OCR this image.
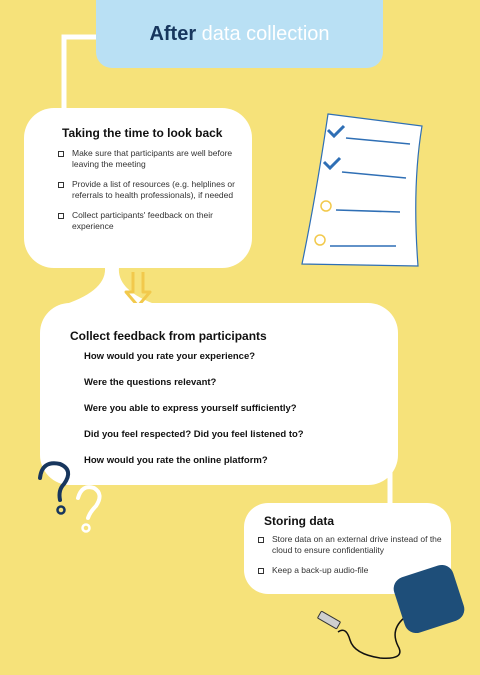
After data collection
Taking the time to look back
Make sure that participants are well before leaving the meeting
Provide a list of resources (e.g. helplines or referrals to health professionals), if needed
Collect participants' feedback on their experience
Collect feedback from participants
How would you rate your experience?
Were the questions relevant?
Were you able to express yourself sufficiently?
Did you feel respected? Did you feel listened to?
How would you rate the online platform?
Storing data
Store data on an external drive instead of the cloud to ensure confidentiality
Keep a back-up audio-file
